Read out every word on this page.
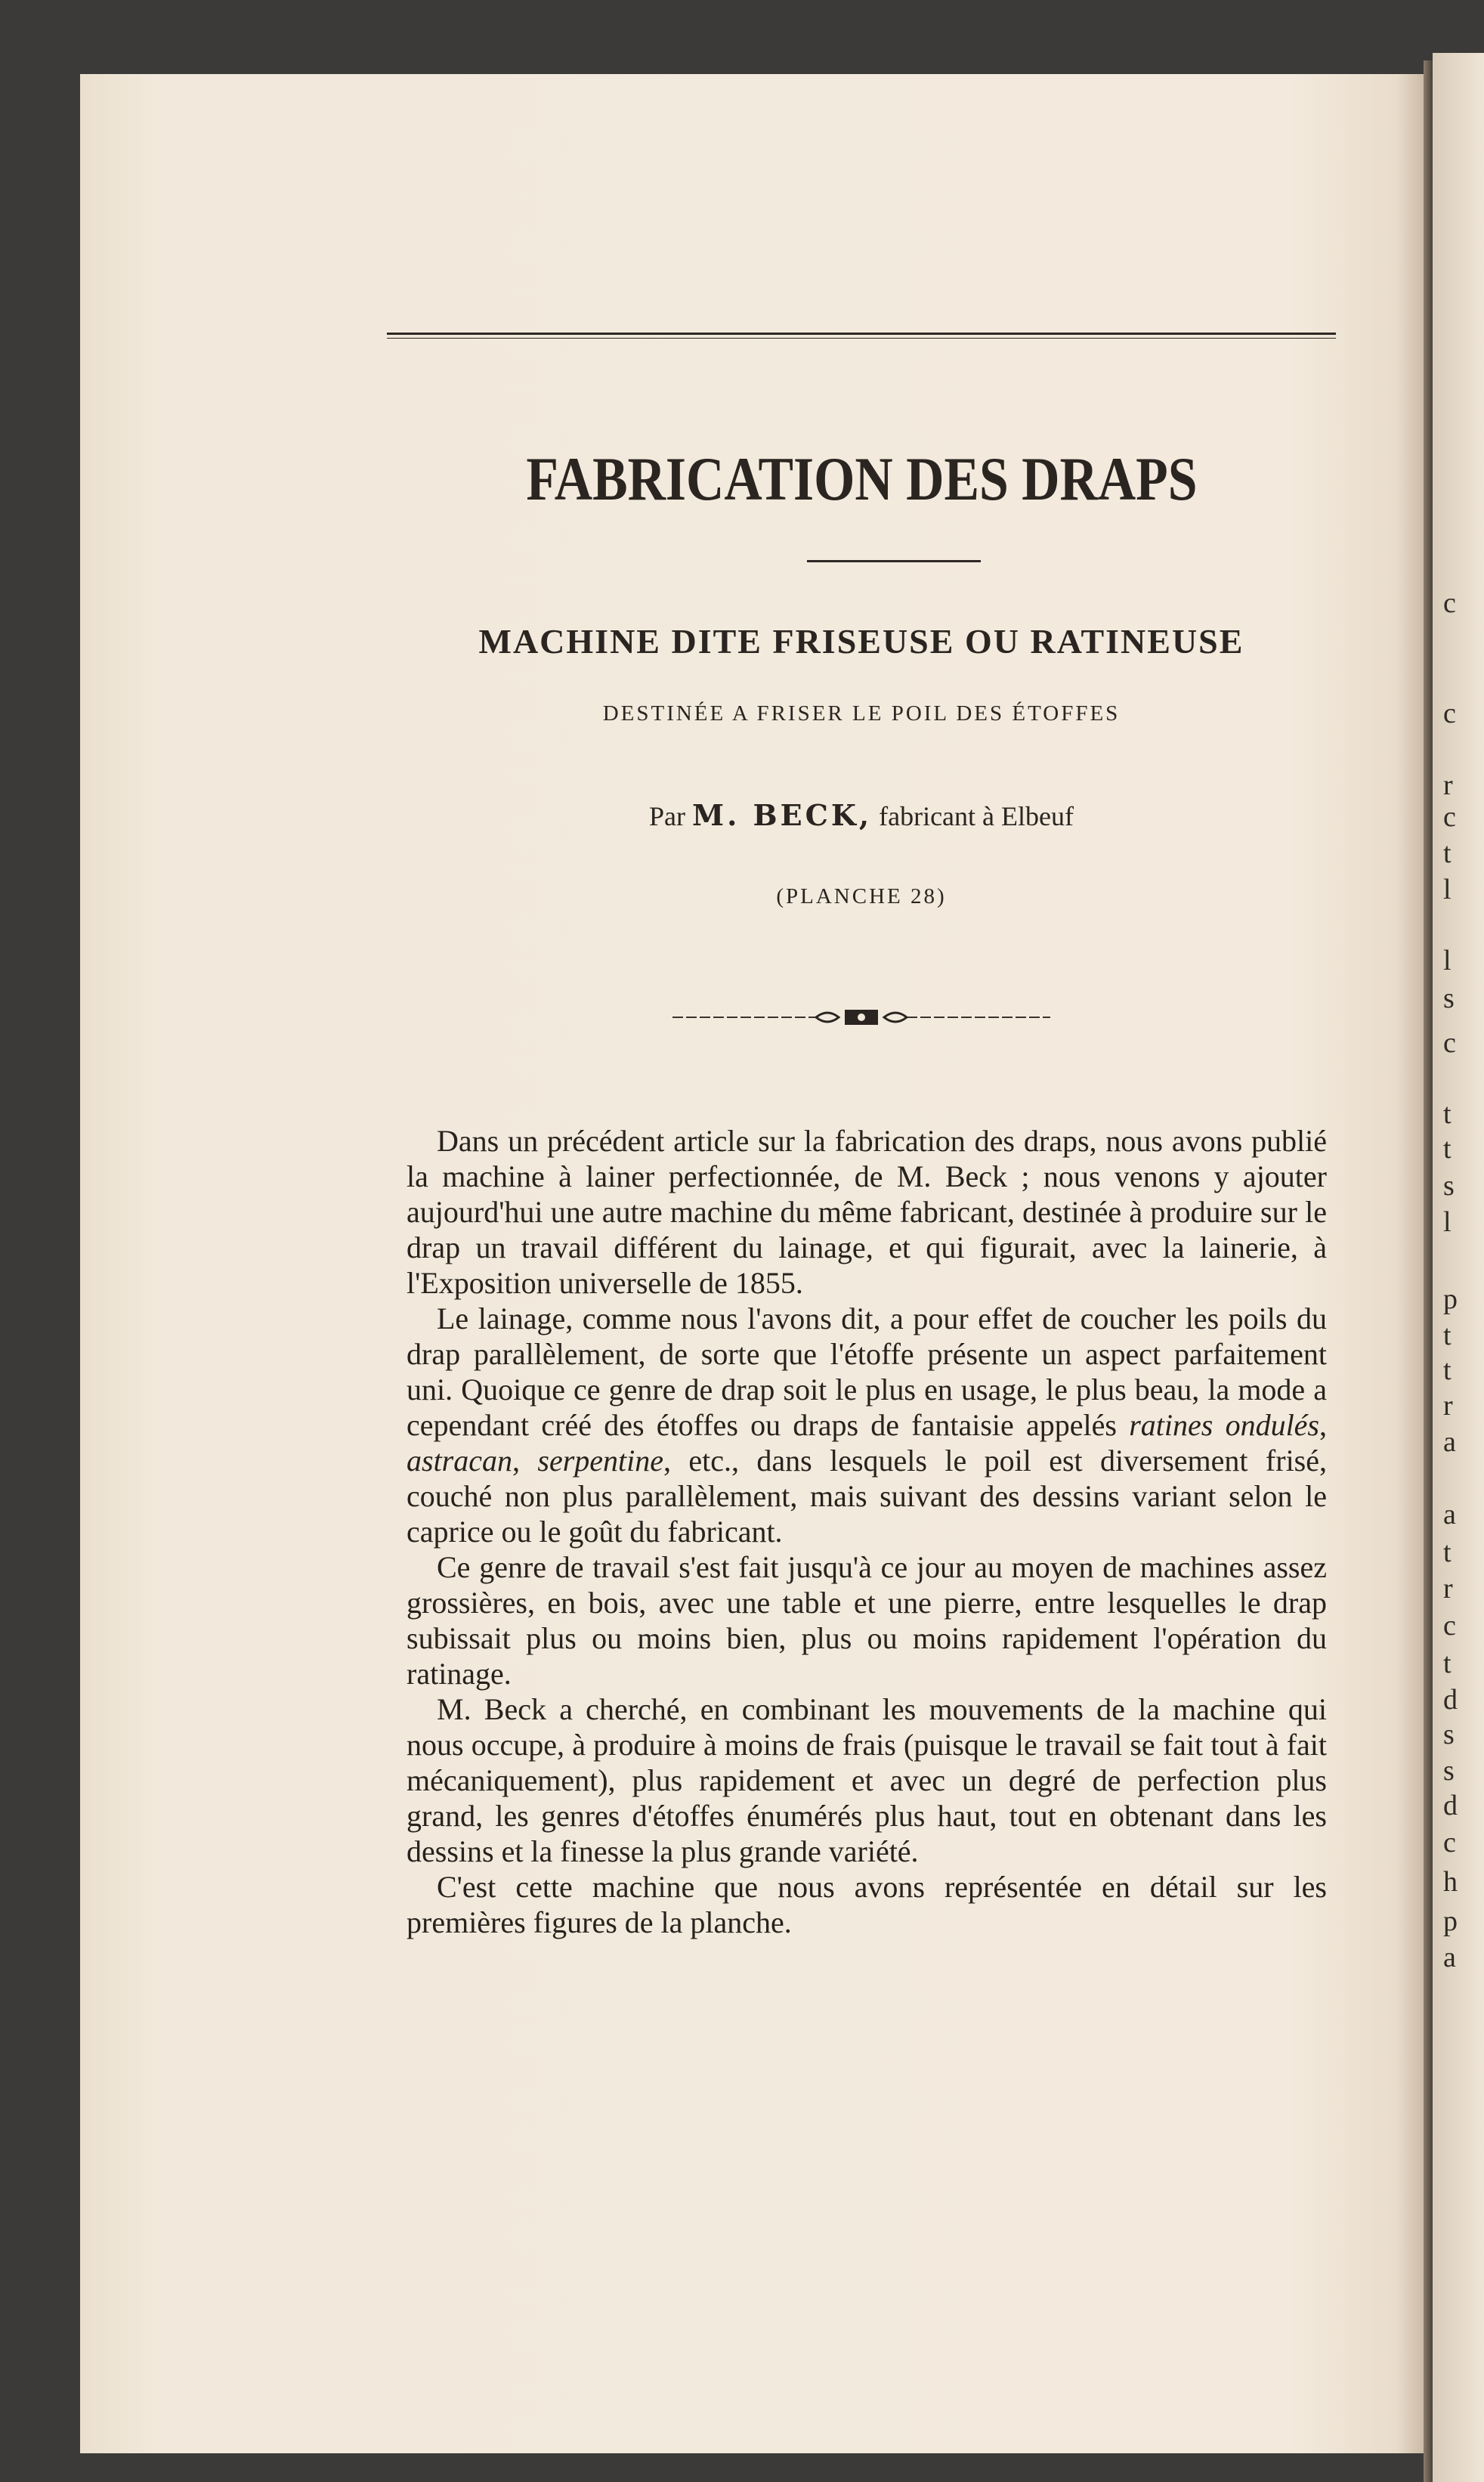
c
c
r
c
t
l
l
s
c
t
t
s
l
p
t
t
r
a
a
t
r
c
t
d
s
s
d
c
h
p
a
FABRICATION DES DRAPS
MACHINE DITE FRISEUSE OU RATINEUSE
DESTINÉE A FRISER LE POIL DES ÉTOFFES
Par M. BECK, fabricant à Elbeuf
(PLANCHE 28)

Dans un précédent article sur la fabrication des draps, nous avons publié la machine à lainer perfectionnée, de M. Beck ; nous venons y ajouter aujourd'hui une autre machine du même fabricant, destinée à produire sur le drap un travail différent du lainage, et qui figurait, avec la lainerie, à l'Exposition universelle de 1855.

Le lainage, comme nous l'avons dit, a pour effet de coucher les poils du drap parallèlement, de sorte que l'étoffe présente un aspect parfaitement uni. Quoique ce genre de drap soit le plus en usage, le plus beau, la mode a cependant créé des étoffes ou draps de fantaisie appelés ratines ondulés, astracan, serpentine, etc., dans lesquels le poil est diversement frisé, couché non plus parallèlement, mais suivant des dessins variant selon le caprice ou le goût du fabricant.

Ce genre de travail s'est fait jusqu'à ce jour au moyen de machines assez grossières, en bois, avec une table et une pierre, entre lesquelles le drap subissait plus ou moins bien, plus ou moins rapidement l'opération du ratinage.

M. Beck a cherché, en combinant les mouvements de la machine qui nous occupe, à produire à moins de frais (puisque le travail se fait tout à fait mécaniquement), plus rapidement et avec un degré de perfection plus grand, les genres d'étoffes énumérés plus haut, tout en obtenant dans les dessins et la finesse la plus grande variété.

C'est cette machine que nous avons représentée en détail sur les premières figures de la planche.
